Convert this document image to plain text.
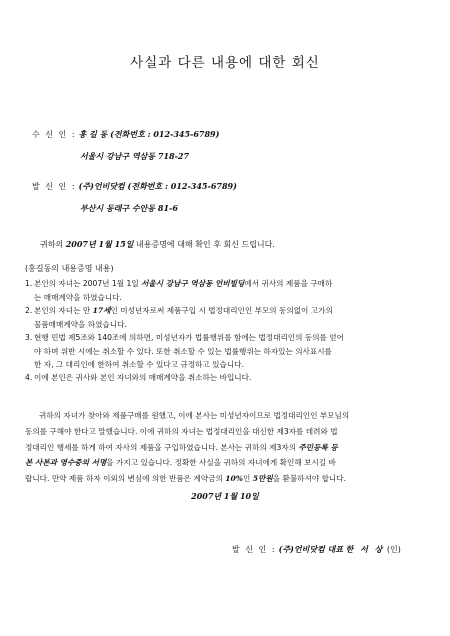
사실과 다른 내용에 대한 회신
수 신 인 : 홍 길 동 (전화번호 : 012-345-6789)
서울시 강남구 역삼동 718-27
발 신 인 : (주)언비닷컴 (전화번호 : 012-345-6789)
부산시 동래구 수안동 81-6
귀하의 2007년 1월 15일 내용증명에 대해 확인 후 회신 드립니다.
(홍길동의 내용증명 내용)
1. 본인의 자녀는 2007년 1월 1일 서울시 강남구 역삼동 언비빌딩에서 귀사의 제품을 구매하
는 매매계약을 하였습니다.
2. 본인의 자녀는 만 17세인 미성년자로써 제품구입 시 법정대리인인 부모의 동의없이 고가의
물품매매계약을 하였습니다.
3. 현행 민법 제5조와 140조에 의하면, 미성년자가 법률행위를 함에는 법정대리인의 동의를 얻어
야 하며 위반 시에는 취소할 수 있다. 또한 취소할 수 있는 법률행위는 하자있는 의사표시를
한 자, 그 대리인에 한하여 취소할 수 있다고 규정하고 있습니다.
4. 이에 본인은 귀사와 본인 자녀와의 매매계약을 취소하는 바입니다.
귀하의 자녀가 찾아와 제품구매를 원했고, 이에 본사는 미성년자이므로 법정대리인인 부모님의
동의를 구해야 한다고 말했습니다. 이에 귀하의 자녀는 법정대리인을 대신한 제3자를 데려와 법
정대리인 행세를 하게 하여 자사의 제품을 구입하였습니다. 본사는 귀하의 제3자의 주민등록 등
본 사본과 영수증의 서명을 가지고 있습니다. 정확한 사실을 귀하의 자녀에게 확인해 보시길 바
랍니다. 만약 제품 하자 이외의 변심에 의한 반품은 계약금의 10%인 5만원을 환불하셔야 합니다.
2007년 1월 10일
발 신 인 : (주)언비닷컴 대표 한 서 상 (인)
